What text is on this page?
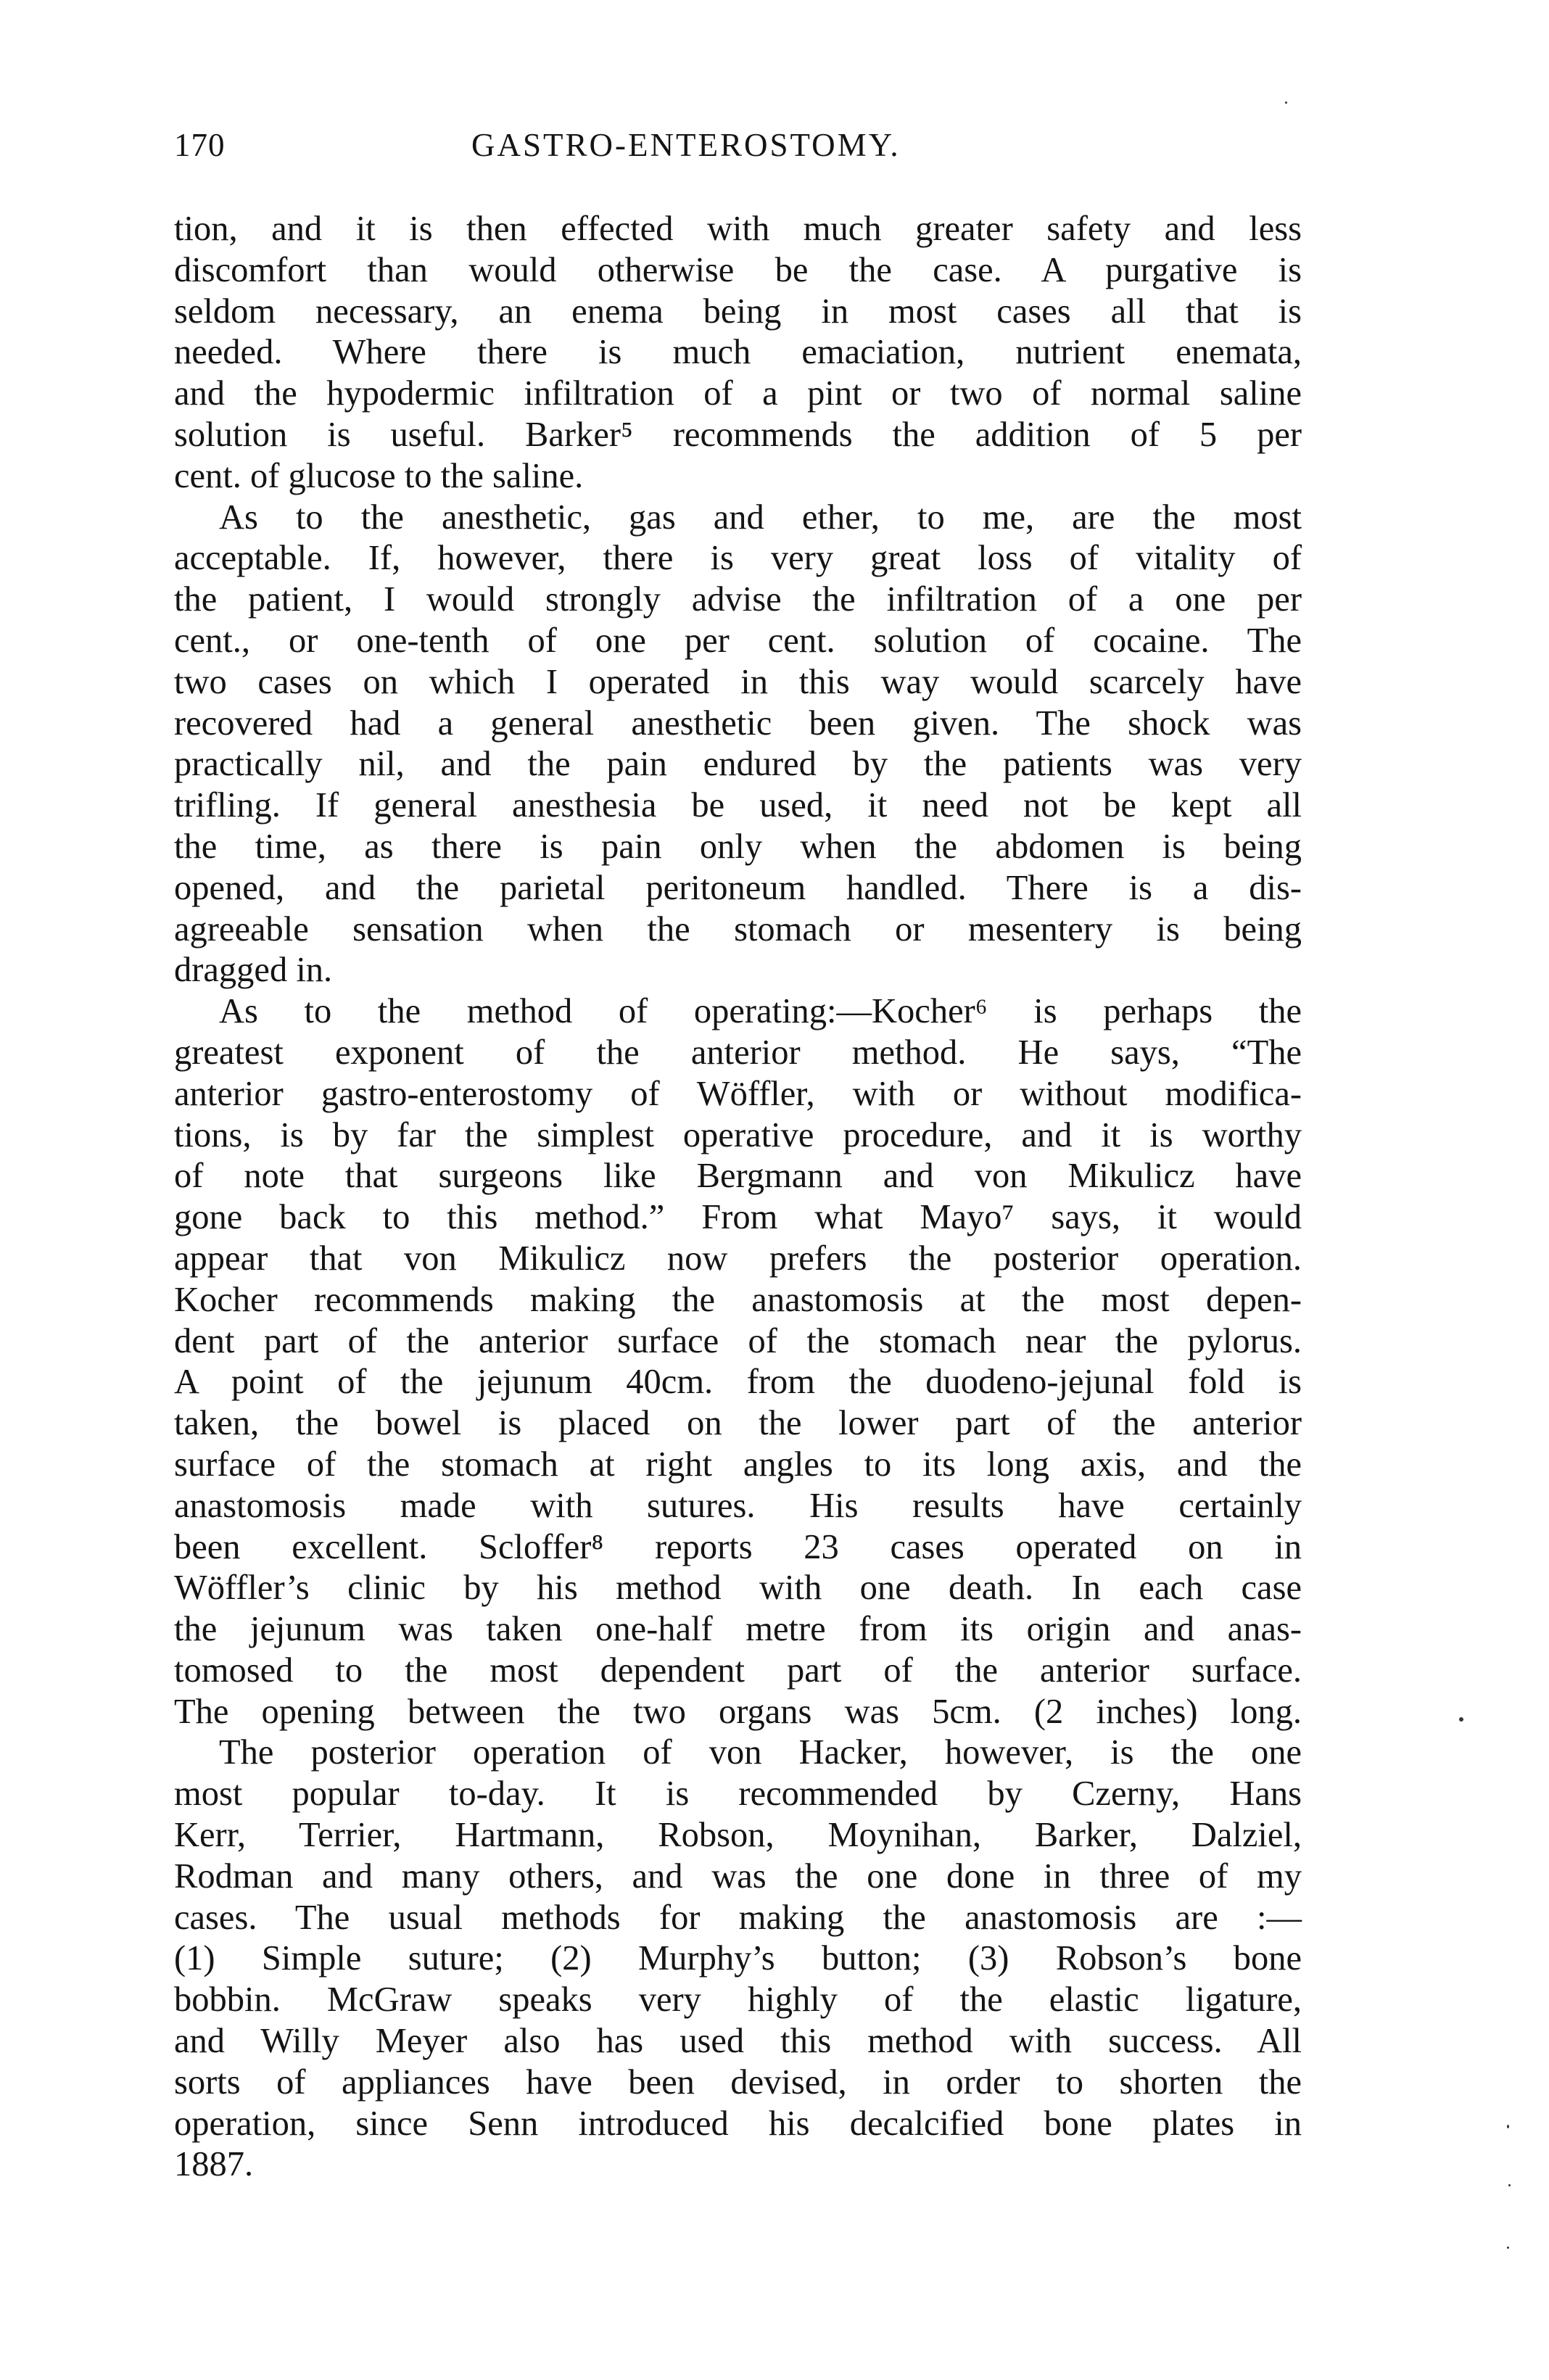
170	GASTRO-ENTEROSTOMY.
tion, and it is then effected with much greater safety and less
discomfort than would otherwise be the case. A purgative is
seldom necessary, an enema being in most cases all that is
needed. Where there is much emaciation, nutrient enemata,
and the hypodermic infiltration of a pint or two of normal saline
solution is useful. Barker⁵ recommends the addition of 5 per
cent. of glucose to the saline.
As to the anesthetic, gas and ether, to me, are the most
acceptable. If, however, there is very great loss of vitality of
the patient, I would strongly advise the infiltration of a one per
cent., or one-tenth of one per cent. solution of cocaine. The
two cases on which I operated in this way would scarcely have
recovered had a general anesthetic been given. The shock was
practically nil, and the pain endured by the patients was very
trifling. If general anesthesia be used, it need not be kept all
the time, as there is pain only when the abdomen is being
opened, and the parietal peritoneum handled. There is a dis-
agreeable sensation when the stomach or mesentery is being
dragged in.
As to the method of operating:—Kocher⁶ is perhaps the
greatest exponent of the anterior method. He says, “The
anterior gastro-enterostomy of Wöffler, with or without modifica-
tions, is by far the simplest operative procedure, and it is worthy
of note that surgeons like Bergmann and von Mikulicz have
gone back to this method.” From what Mayo⁷ says, it would
appear that von Mikulicz now prefers the posterior operation.
Kocher recommends making the anastomosis at the most depen-
dent part of the anterior surface of the stomach near the pylorus.
A point of the jejunum 40cm. from the duodeno-jejunal fold is
taken, the bowel is placed on the lower part of the anterior
surface of the stomach at right angles to its long axis, and the
anastomosis made with sutures. His results have certainly
been excellent. Scloffer⁸ reports 23 cases operated on in
Wöffler’s clinic by his method with one death. In each case
the jejunum was taken one-half metre from its origin and anas-
tomosed to the most dependent part of the anterior surface.
The opening between the two organs was 5cm. (2 inches) long.
The posterior operation of von Hacker, however, is the one
most popular to-day. It is recommended by Czerny, Hans
Kerr, Terrier, Hartmann, Robson, Moynihan, Barker, Dalziel,
Rodman and many others, and was the one done in three of my
cases. The usual methods for making the anastomosis are :—
(1) Simple suture; (2) Murphy’s button; (3) Robson’s bone
bobbin. McGraw speaks very highly of the elastic ligature,
and Willy Meyer also has used this method with success. All
sorts of appliances have been devised, in order to shorten the
operation, since Senn introduced his decalcified bone plates in
1887.
